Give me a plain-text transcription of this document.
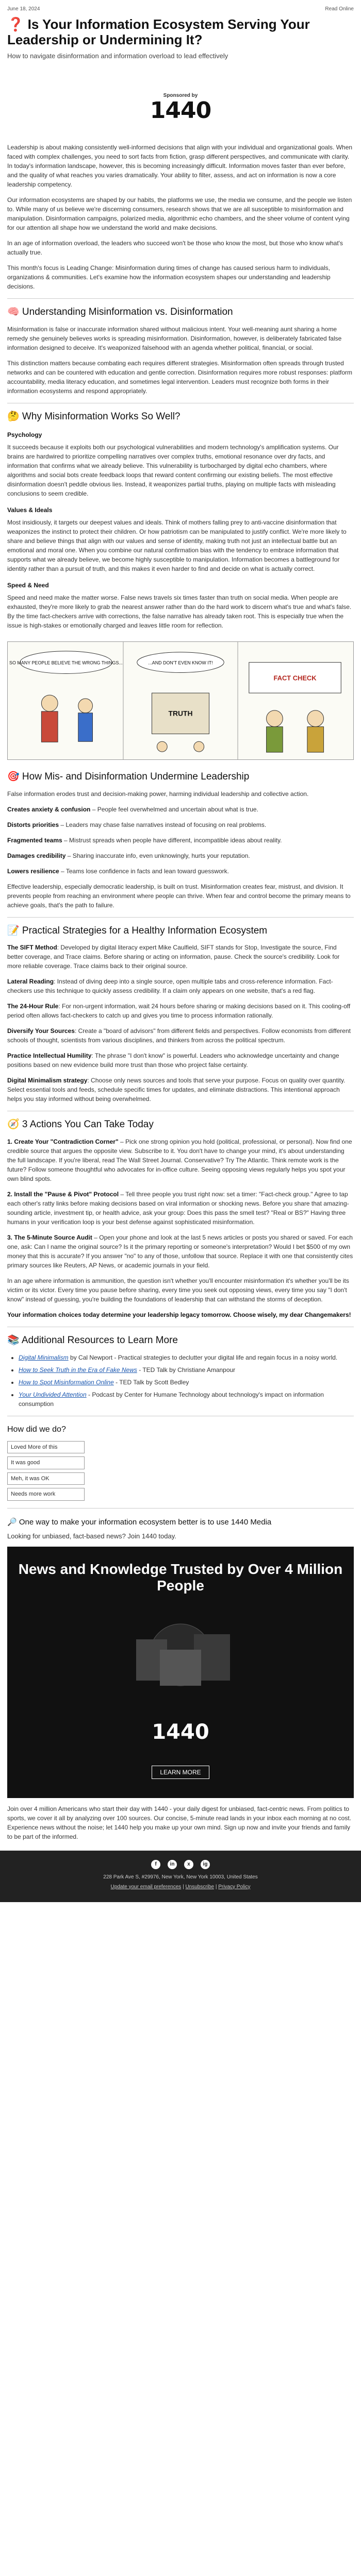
June 18, 2024	Read Online
❓ Is Your Information Ecosystem Serving Your Leadership or Undermining It?
How to navigate disinformation and information overload to lead effectively
Sponsored by
1440

Leadership is about making consistently well-informed decisions that align with your individual and organizational goals. When faced with complex challenges, you need to sort facts from fiction, grasp different perspectives, and communicate with clarity. In today's information landscape, however, this is becoming increasingly difficult. Information moves faster than ever before, and the quality of what reaches you varies dramatically. Your ability to filter, assess, and act on information is now a core leadership competency.

Our information ecosystems are shaped by our habits, the platforms we use, the media we consume, and the people we listen to. While many of us believe we're discerning consumers, research shows that we are all susceptible to misinformation and manipulation. Disinformation campaigns, polarized media, algorithmic echo chambers, and the sheer volume of content vying for our attention all shape how we understand the world and make decisions.

In an age of information overload, the leaders who succeed won't be those who know the most, but those who know what's actually true.

This month's focus is Leading Change: Misinformation during times of change has caused serious harm to individuals, organizations & communities. Let's examine how the information ecosystem shapes our understanding and leadership decisions.

🧠 Understanding Misinformation vs. Disinformation

Misinformation is false or inaccurate information shared without malicious intent. Your well-meaning aunt sharing a home remedy she genuinely believes works is spreading misinformation. Disinformation, however, is deliberately fabricated false information designed to deceive. It's weaponized falsehood with an agenda whether political, financial, or social.

This distinction matters because combating each requires different strategies. Misinformation often spreads through trusted networks and can be countered with education and gentle correction. Disinformation requires more robust responses: platform accountability, media literacy education, and sometimes legal intervention. Leaders must recognize both forms in their information ecosystems and respond appropriately.

🤔 Why Misinformation Works So Well?
Psychology

It succeeds because it exploits both our psychological vulnerabilities and modern technology's amplification systems. Our brains are hardwired to prioritize compelling narratives over complex truths, emotional resonance over dry facts, and information that confirms what we already believe. This vulnerability is turbocharged by digital echo chambers, where algorithms and social bots create feedback loops that reward content confirming our existing beliefs. The most effective disinformation doesn't peddle obvious lies. Instead, it weaponizes partial truths, playing on multiple facts with misleading conclusions to seem credible.

Values & Ideals

Most insidiously, it targets our deepest values and ideals. Think of mothers falling prey to anti-vaccine disinformation that weaponizes the instinct to protect their children. Or how patriotism can be manipulated to justify conflict. We're more likely to share and believe things that align with our values and sense of identity, making truth not just an intellectual battle but an emotional and moral one. When you combine our natural confirmation bias with the tendency to embrace information that supports what we already believe, we become highly susceptible to manipulation. Information becomes a battleground for identity rather than a pursuit of truth, and this makes it even harder to find and decide on what is actually correct.

Speed & Need

Speed and need make the matter worse. False news travels six times faster than truth on social media. When people are exhausted, they're more likely to grab the nearest answer rather than do the hard work to discern what's true and what's false. By the time fact-checkers arrive with corrections, the false narrative has already taken root. This is especially true when the issue is high-stakes or emotionally charged and leaves little room for reflection.

SO MANY PEOPLE BELIEVE THE WRONG THINGS...	...AND DON'T EVEN KNOW IT!
TRUTH
FACT CHECK
🎯 How Mis- and Disinformation Undermine Leadership

False information erodes trust and decision-making power, harming individual leadership and collective action.

Creates anxiety & confusion – People feel overwhelmed and uncertain about what is true.

Distorts priorities – Leaders may chase false narratives instead of focusing on real problems.

Fragmented teams – Mistrust spreads when people have different, incompatible ideas about reality.

Damages credibility – Sharing inaccurate info, even unknowingly, hurts your reputation.

Lowers resilience – Teams lose confidence in facts and lean toward guesswork.

Effective leadership, especially democratic leadership, is built on trust. Misinformation creates fear, mistrust, and division. It prevents people from reaching an environment where people can thrive. When fear and control become the primary means to achieve goals, that's the path to failure.

📝 Practical Strategies for a Healthy Information Ecosystem

The SIFT Method: Developed by digital literacy expert Mike Caulfield, SIFT stands for Stop, Investigate the source, Find better coverage, and Trace claims. Before sharing or acting on information, pause. Check the source's credibility. Look for more reliable coverage. Trace claims back to their original source.

Lateral Reading: Instead of diving deep into a single source, open multiple tabs and cross-reference information. Fact-checkers use this technique to quickly assess credibility. If a claim only appears on one website, that's a red flag.

The 24-Hour Rule: For non-urgent information, wait 24 hours before sharing or making decisions based on it. This cooling-off period often allows fact-checkers to catch up and gives you time to process information rationally.

Diversify Your Sources: Create a "board of advisors" from different fields and perspectives. Follow economists from different schools of thought, scientists from various disciplines, and thinkers from across the political spectrum.

Practice Intellectual Humility: The phrase "I don't know" is powerful. Leaders who acknowledge uncertainty and change positions based on new evidence build more trust than those who project false certainty.

Digital Minimalism strategy: Choose only news sources and tools that serve your purpose. Focus on quality over quantity. Select essential tools and feeds, schedule specific times for updates, and eliminate distractions. This intentional approach helps you stay informed without being overwhelmed.

🧭 3 Actions You Can Take Today

1. Create Your "Contradiction Corner" – Pick one strong opinion you hold (political, professional, or personal). Now find one credible source that argues the opposite view. Subscribe to it. You don't have to change your mind, it's about understanding the full landscape. If you're liberal, read The Wall Street Journal. Conservative? Try The Atlantic. Think remote work is the future? Follow someone thoughtful who advocates for in-office culture. Seeing opposing views regularly helps you spot your own blind spots.

2. Install the "Pause & Pivot" Protocol – Tell three people you trust right now: set a timer: "Fact-check group." Agree to tap each other's ratty links before making decisions based on viral information or shocking news. Before you share that amazing-sounding article, investment tip, or health advice, ask your group: Does this pass the smell test? "Real or BS?" Having three humans in your verification loop is your best defense against sophisticated misinformation.

3. The 5-Minute Source Audit – Open your phone and look at the last 5 news articles or posts you shared or saved. For each one, ask: Can I name the original source? Is it the primary reporting or someone's interpretation? Would I bet $500 of my own money that this is accurate? If you answer "no" to any of those, unfollow that source. Replace it with one that consistently cites primary sources like Reuters, AP News, or academic journals in your field.

In an age where information is ammunition, the question isn't whether you'll encounter misinformation it's whether you'll be its victim or its victor. Every time you pause before sharing, every time you seek out opposing views, every time you say "I don't know" instead of guessing, you're building the foundations of leadership that can withstand the storms of deception.

Your information choices today determine your leadership legacy tomorrow. Choose wisely, my dear Changemakers!

📚 Additional Resources to Learn More
• Digital Minimalism by Cal Newport - Practical strategies to declutter your digital life and regain focus in a noisy world.
• How to Seek Truth in the Era of Fake News - TED Talk by Christiane Amanpour
• How to Spot Misinformation Online - TED Talk by Scott Bedley
• Your Undivided Attention - Podcast by Center for Humane Technology about technology's impact on information consumption
How did we do?
Loved More of this
It was good
Meh, it was OK
Needs more work
🔎 One way to make your information ecosystem better is to use 1440 Media
Looking for unbiased, fact-based news? Join 1440 today.
News and Knowledge Trusted by Over 4 Million People
1440
LEARN MORE

Join over 4 million Americans who start their day with 1440 - your daily digest for unbiased, fact-centric news. From politics to sports, we cover it all by analyzing over 100 sources. Our concise, 5-minute read lands in your inbox each morning at no cost. Experience news without the noise; let 1440 help you make up your own mind. Sign up now and invite your friends and family to be part of the informed.

f	in	x	ig
228 Park Ave S, #29976, New York, New York 10003, United States
Update your email preferences | Unsubscribe | Privacy Policy
